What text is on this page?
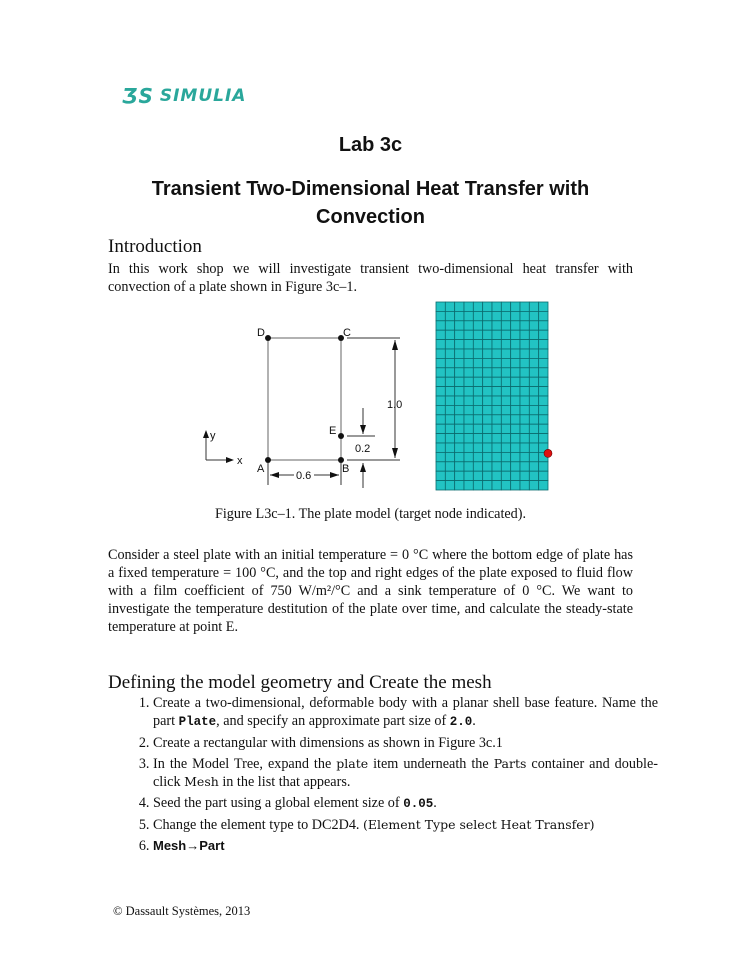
ƷS SIMULIA
Lab 3c
Transient Two-Dimensional Heat Transfer with Convection
Introduction
In this work shop we will investigate transient two-dimensional heat transfer with convection of a plate shown in Figure 3c–1.
D	C
E
A	B
y
x
1.0
0.2
0.6
Figure L3c–1. The plate model (target node indicated).
Consider a steel plate with an initial temperature = 0 °C where the bottom edge of plate has a fixed temperature = 100 °C, and the top and right edges of the plate exposed to fluid flow with a film coefficient of 750 W/m²/°C and a sink temperature of 0 °C. We want to investigate the temperature destitution of the plate over time, and calculate the steady-state temperature at point E.
Defining the model geometry and Create the mesh
1. Create a two-dimensional, deformable body with a planar shell base feature. Name the part Plate, and specify an approximate part size of 2.0.
2. Create a rectangular with dimensions as shown in Figure 3c.1
3. In the Model Tree, expand the plate item underneath the Parts container and double-click Mesh in the list that appears.
4. Seed the part using a global element size of 0.05.
5. Change the element type to DC2D4. (Element Type select Heat Transfer)
6. Mesh→Part
© Dassault Systèmes, 2013
